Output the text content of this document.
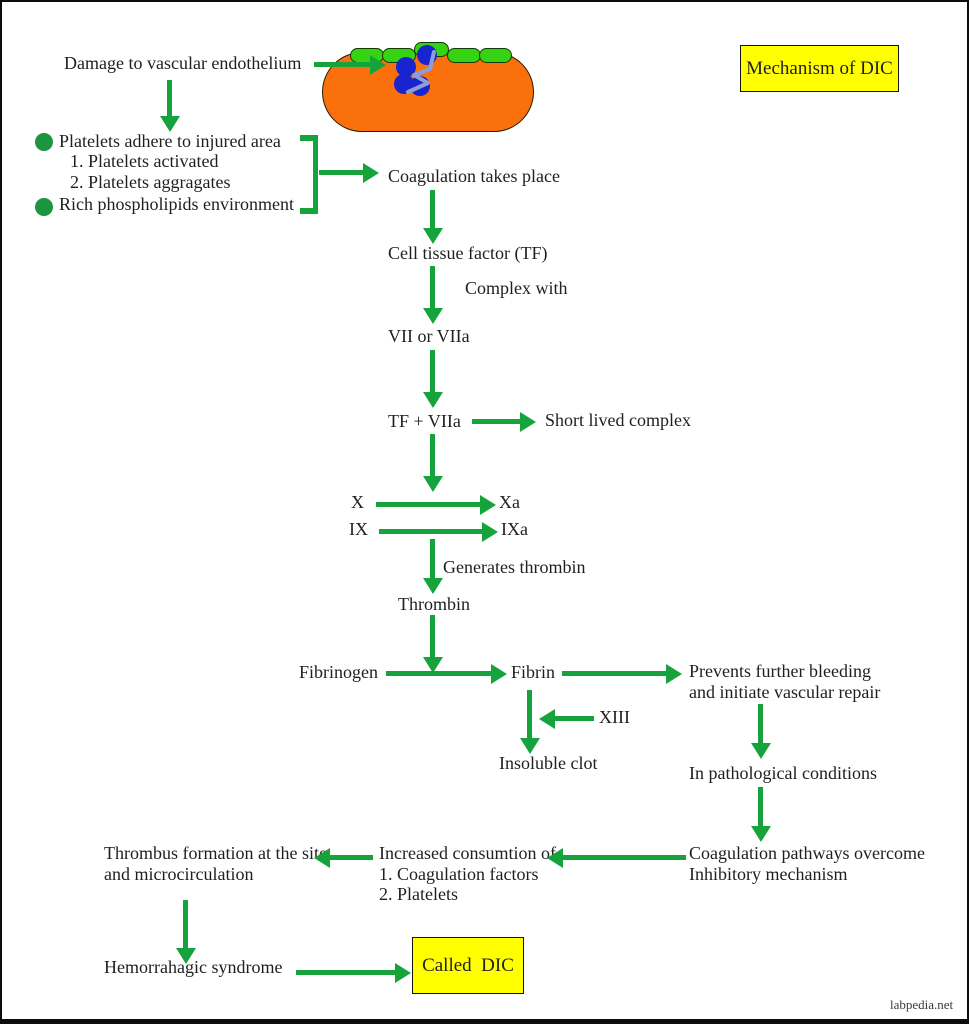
Mechanism of DIC
Called  DIC
Damage to vascular endothelium
Platelets adhere to injured area
1. Platelets activated
2. Platelets aggragates
Rich phospholipids environment
Coagulation takes place
Cell tissue factor (TF)
Complex with
VII or VIIa
TF + VIIa	Short lived complex
X	Xa
IX	IXa
Generates thrombin
Thrombin
Fibrinogen	Fibrin
XIII
Insoluble clot
Prevents further bleeding
and initiate vascular repair
In pathological conditions
Coagulation pathways overcome
Inhibitory mechanism
Increased consumtion of
1. Coagulation factors
2. Platelets
Thrombus formation at the site
and microcirculation
Hemorrahagic syndrome
labpedia.net
